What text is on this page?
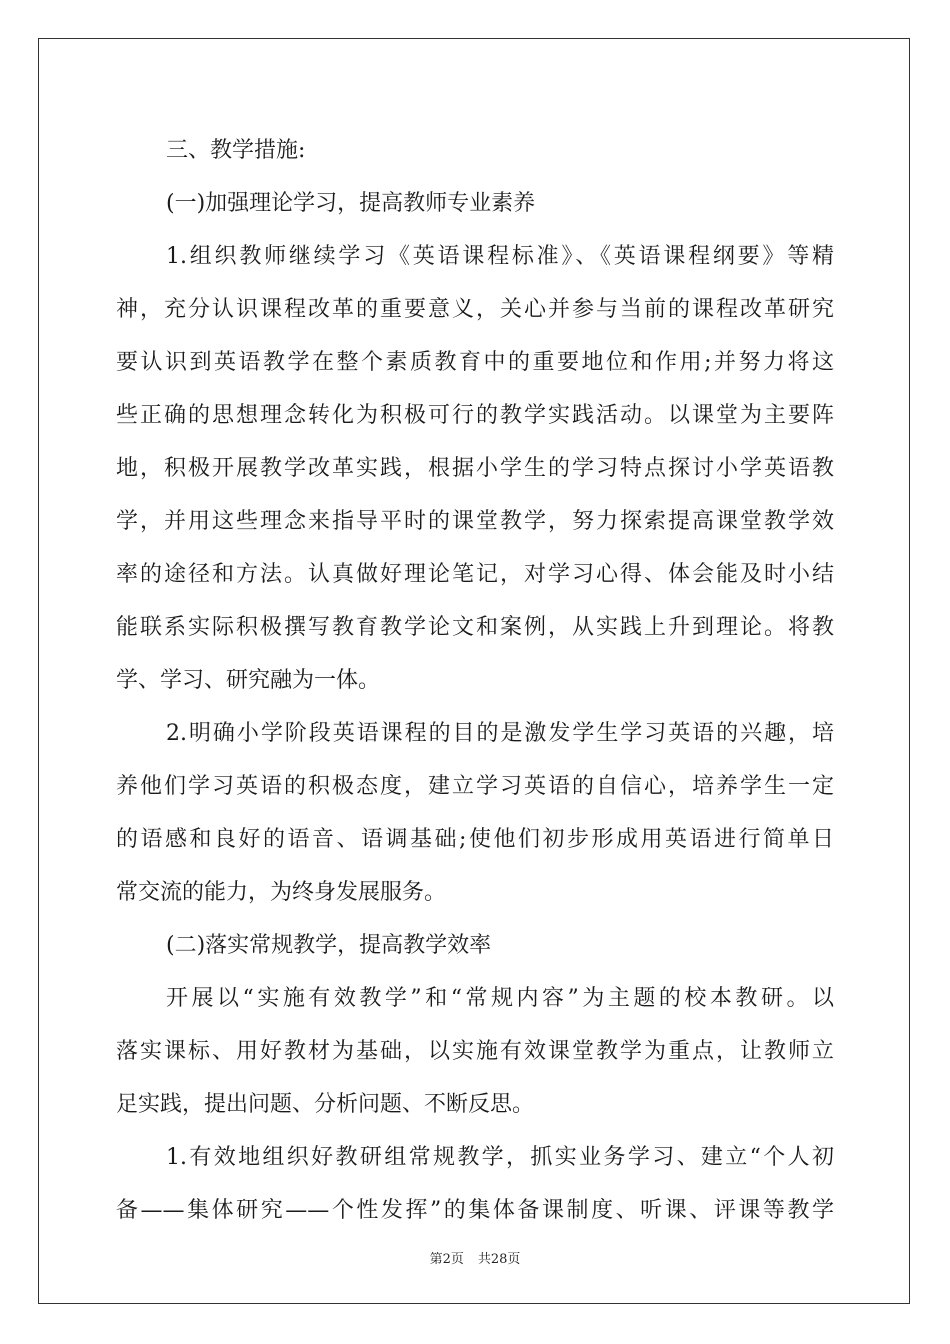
三、教学措施:
(一)加强理论学习，提高教师专业素养
1.组织教师继续学习《英语课程标准》、《英语课程纲要》等精
神，充分认识课程改革的重要意义，关心并参与当前的课程改革研究
要认识到英语教学在整个素质教育中的重要地位和作用;并努力将这
些正确的思想理念转化为积极可行的教学实践活动。以课堂为主要阵
地，积极开展教学改革实践，根据小学生的学习特点探讨小学英语教
学，并用这些理念来指导平时的课堂教学，努力探索提高课堂教学效
率的途径和方法。认真做好理论笔记，对学习心得、体会能及时小结
能联系实际积极撰写教育教学论文和案例，从实践上升到理论。将教
学、学习、研究融为一体。
2.明确小学阶段英语课程的目的是激发学生学习英语的兴趣，培
养他们学习英语的积极态度，建立学习英语的自信心，培养学生一定
的语感和良好的语音、语调基础;使他们初步形成用英语进行简单日
常交流的能力，为终身发展服务。
(二)落实常规教学，提高教学效率
开展以“实施有效教学”和“常规内容”为主题的校本教研。以
落实课标、用好教材为基础，以实施有效课堂教学为重点，让教师立
足实践，提出问题、分析问题、不断反思。
1.有效地组织好教研组常规教学，抓实业务学习、建立“个人初
备——集体研究——个性发挥”的集体备课制度、听课、评课等教学
第2页 共28页
